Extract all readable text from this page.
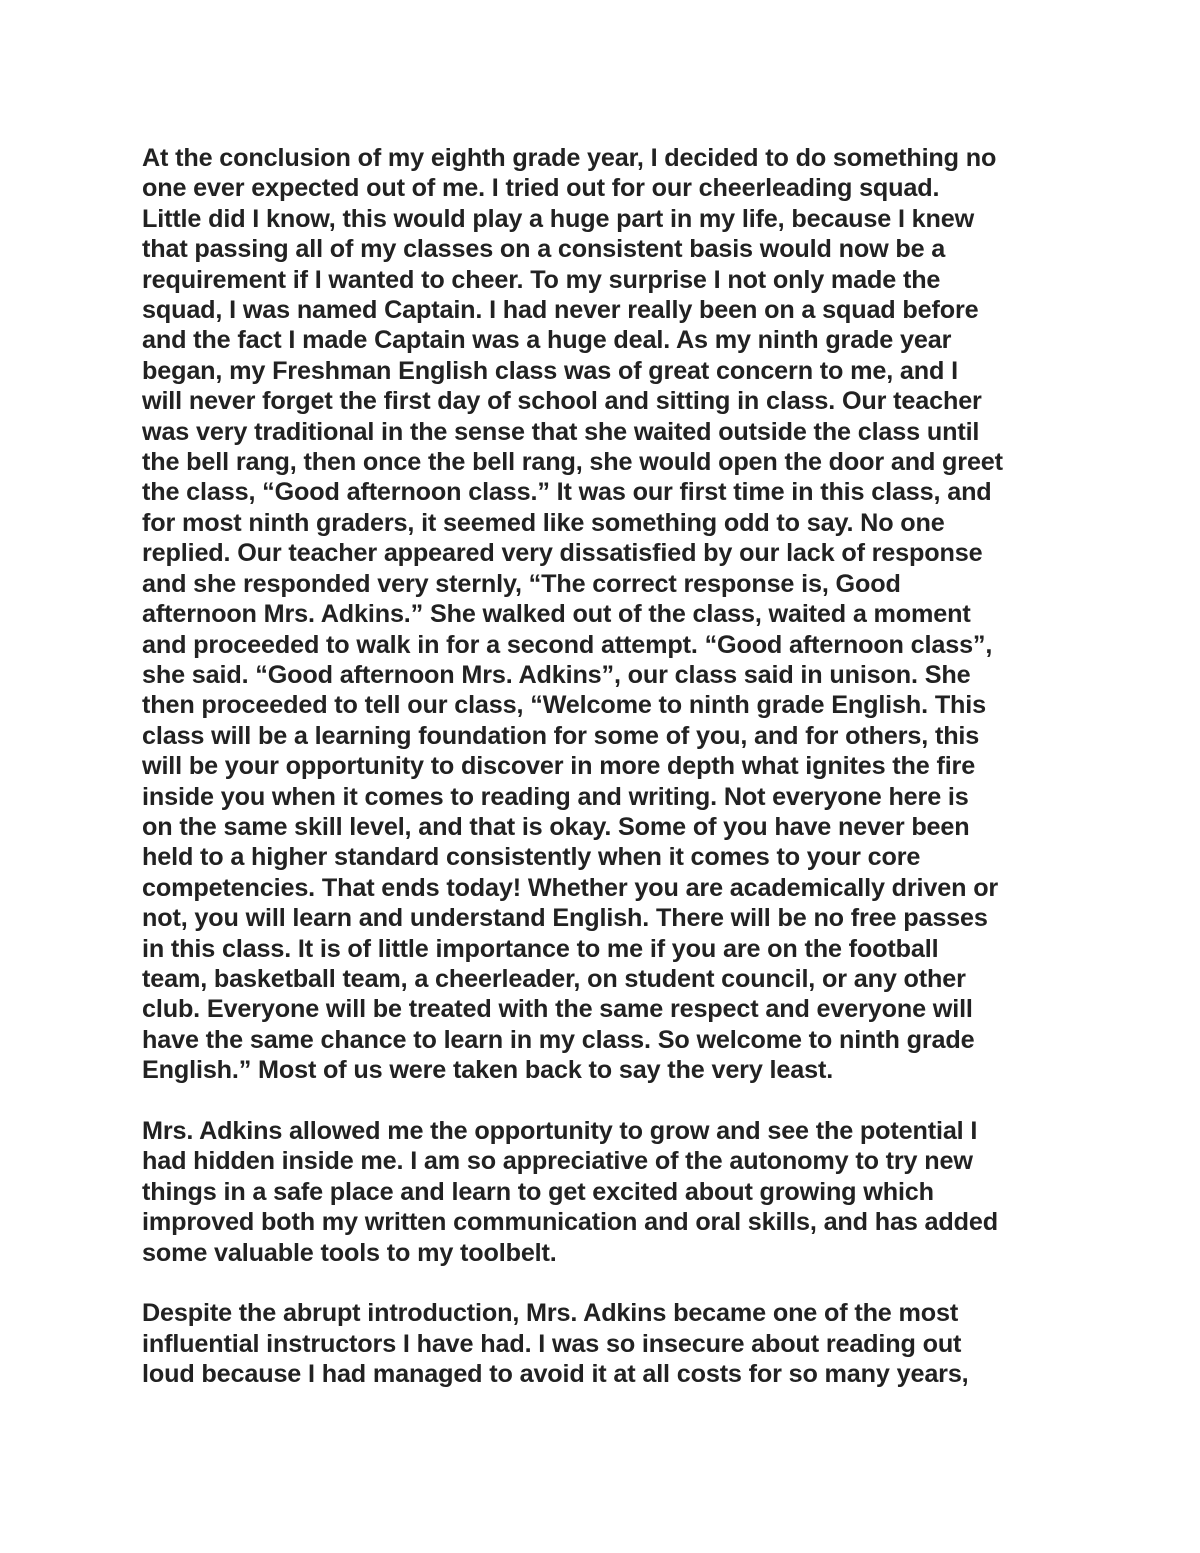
At the conclusion of my eighth grade year, I decided to do something no
one ever expected out of me. I tried out for our cheerleading squad.
Little did I know, this would play a huge part in my life, because I knew
that passing all of my classes on a consistent basis would now be a
requirement if I wanted to cheer. To my surprise I not only made the
squad, I was named Captain. I had never really been on a squad before
and the fact I made Captain was a huge deal. As my ninth grade year
began, my Freshman English class was of great concern to me, and I
will never forget the first day of school and sitting in class. Our teacher
was very traditional in the sense that she waited outside the class until
the bell rang, then once the bell rang, she would open the door and greet
the class, “Good afternoon class.” It was our first time in this class, and
for most ninth graders, it seemed like something odd to say. No one
replied. Our teacher appeared very dissatisfied by our lack of response
and she responded very sternly, “The correct response is, Good
afternoon Mrs. Adkins.” She walked out of the class, waited a moment
and proceeded to walk in for a second attempt. “Good afternoon class”,
she said. “Good afternoon Mrs. Adkins”, our class said in unison. She
then proceeded to tell our class, “Welcome to ninth grade English. This
class will be a learning foundation for some of you, and for others, this
will be your opportunity to discover in more depth what ignites the fire
inside you when it comes to reading and writing. Not everyone here is
on the same skill level, and that is okay. Some of you have never been
held to a higher standard consistently when it comes to your core
competencies. That ends today! Whether you are academically driven or
not, you will learn and understand English. There will be no free passes
in this class. It is of little importance to me if you are on the football
team, basketball team, a cheerleader, on student council, or any other
club. Everyone will be treated with the same respect and everyone will
have the same chance to learn in my class. So welcome to ninth grade
English.” Most of us were taken back to say the very least.

Mrs. Adkins allowed me the opportunity to grow and see the potential I
had hidden inside me. I am so appreciative of the autonomy to try new
things in a safe place and learn to get excited about growing which
improved both my written communication and oral skills, and has added
some valuable tools to my toolbelt.

Despite the abrupt introduction, Mrs. Adkins became one of the most
influential instructors I have had. I was so insecure about reading out
loud because I had managed to avoid it at all costs for so many years,
